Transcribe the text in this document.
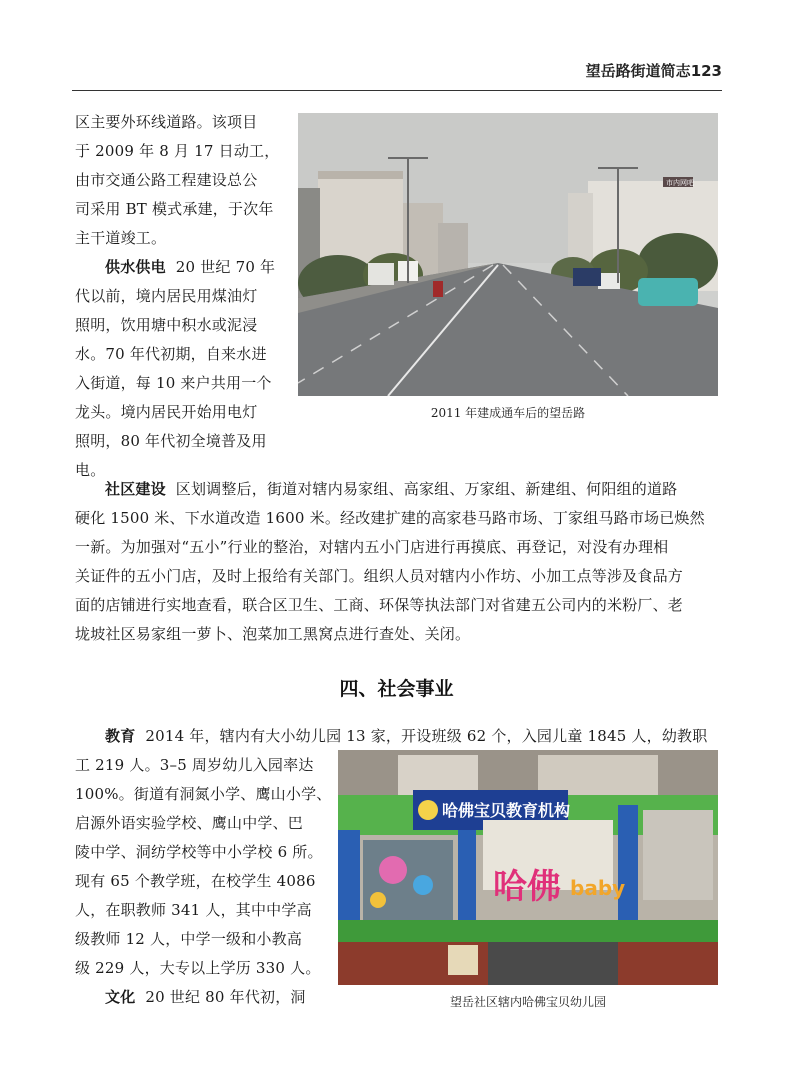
望岳路街道简志123
区主要外环线道路。该项目
于 2009 年 8 月 17 日动工，
由市交通公路工程建设总公
司采用 BT 模式承建，于次年
主干道竣工。
供水供电 20 世纪 70 年
代以前，境内居民用煤油灯
照明，饮用塘中积水或泥浸
水。70 年代初期，自来水进
入街道，每 10 来户共用一个
龙头。境内居民开始用电灯
照明，80 年代初全境普及用
电。
市内网吧
2011 年建成通车后的望岳路
社区建设 区划调整后，街道对辖内易家组、高家组、万家组、新建组、何阳组的道路
硬化 1500 米、下水道改造 1600 米。经改建扩建的高家巷马路市场、丁家组马路市场已焕然
一新。为加强对“五小”行业的整治，对辖内五小门店进行再摸底、再登记，对没有办理相
关证件的五小门店，及时上报给有关部门。组织人员对辖内小作坊、小加工点等涉及食品方
面的店铺进行实地查看，联合区卫生、工商、环保等执法部门对省建五公司内的米粉厂、老
垅坡社区易家组一萝卜、泡菜加工黑窝点进行查处、关闭。
四、社会事业
教育 2014 年，辖内有大小幼儿园 13 家，开设班级 62 个，入园儿童 1845 人，幼教职
工 219 人。3–5 周岁幼儿入园率达
100%。街道有洞氮小学、鹰山小学、
启源外语实验学校、鹰山中学、巴
陵中学、洞纺学校等中小学校 6 所。
现有 65 个教学班，在校学生 4086
人，在职教师 341 人，其中中学高
级教师 12 人，中学一级和小教高
级 229 人，大专以上学历 330 人。
文化 20 世纪 80 年代初，洞
哈佛宝贝教育机构
哈佛 baby
望岳社区辖内哈佛宝贝幼儿园
